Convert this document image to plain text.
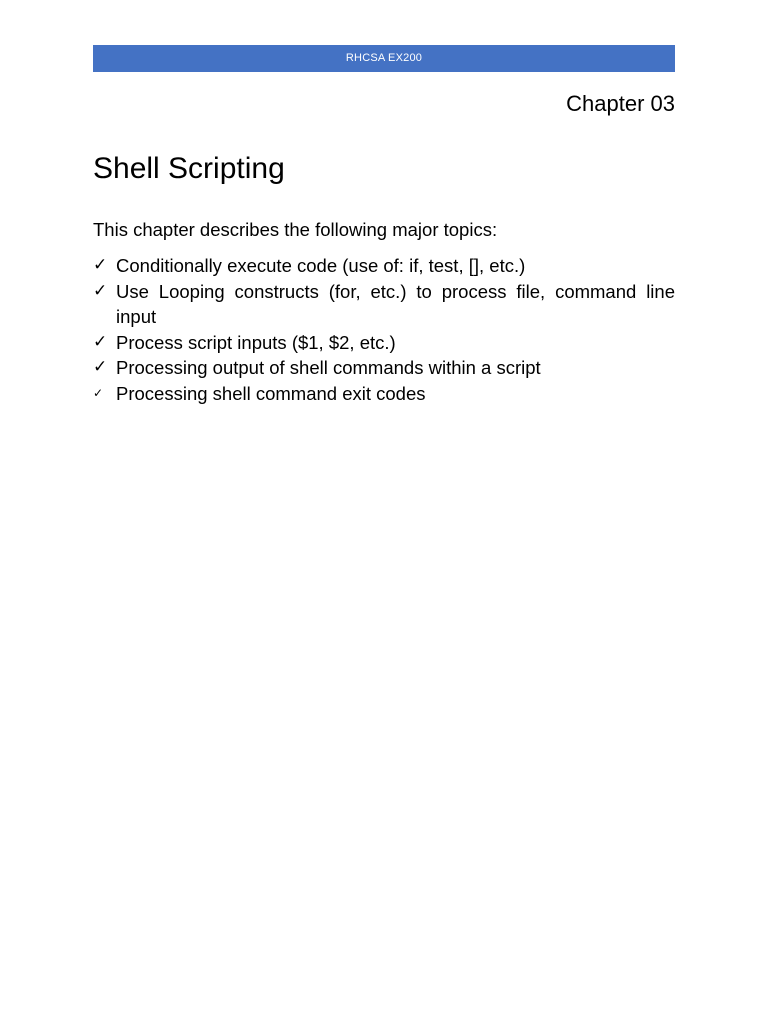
RHCSA EX200
Chapter 03
Shell Scripting
This chapter describes the following major topics:
✓ Conditionally execute code (use of: if, test, [], etc.)
✓ Use Looping constructs (for, etc.) to process file, command line input
✓ Process script inputs ($1, $2, etc.)
✓ Processing output of shell commands within a script
✓ Processing shell command exit codes
